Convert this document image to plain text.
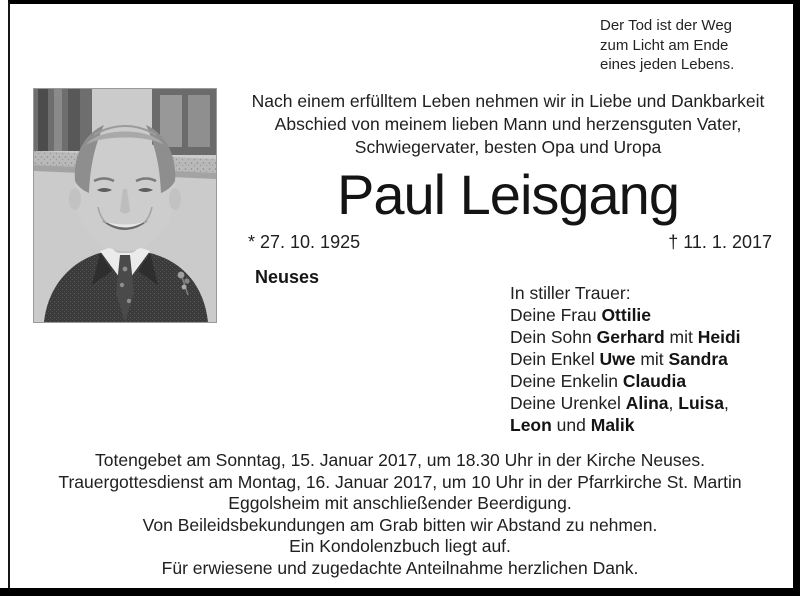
Der Tod ist der Weg
zum Licht am Ende
eines jeden Lebens.
Nach einem erfülltem Leben nehmen wir in Liebe und Dankbarkeit
Abschied von meinem lieben Mann und herzensguten Vater,
Schwiegervater, besten Opa und Uropa
Paul Leisgang
* 27. 10. 1925	† 11. 1. 2017
Neuses
In stiller Trauer:
Deine Frau Ottilie
Dein Sohn Gerhard mit Heidi
Dein Enkel Uwe mit Sandra
Deine Enkelin Claudia
Deine Urenkel Alina, Luisa,
Leon und Malik
Totengebet am Sonntag, 15. Januar 2017, um 18.30 Uhr in der Kirche Neuses.
Trauergottesdienst am Montag, 16. Januar 2017, um 10 Uhr in der Pfarrkirche St. Martin
Eggolsheim mit anschließender Beerdigung.
Von Beileidsbekundungen am Grab bitten wir Abstand zu nehmen.
Ein Kondolenzbuch liegt auf.
Für erwiesene und zugedachte Anteilnahme herzlichen Dank.
